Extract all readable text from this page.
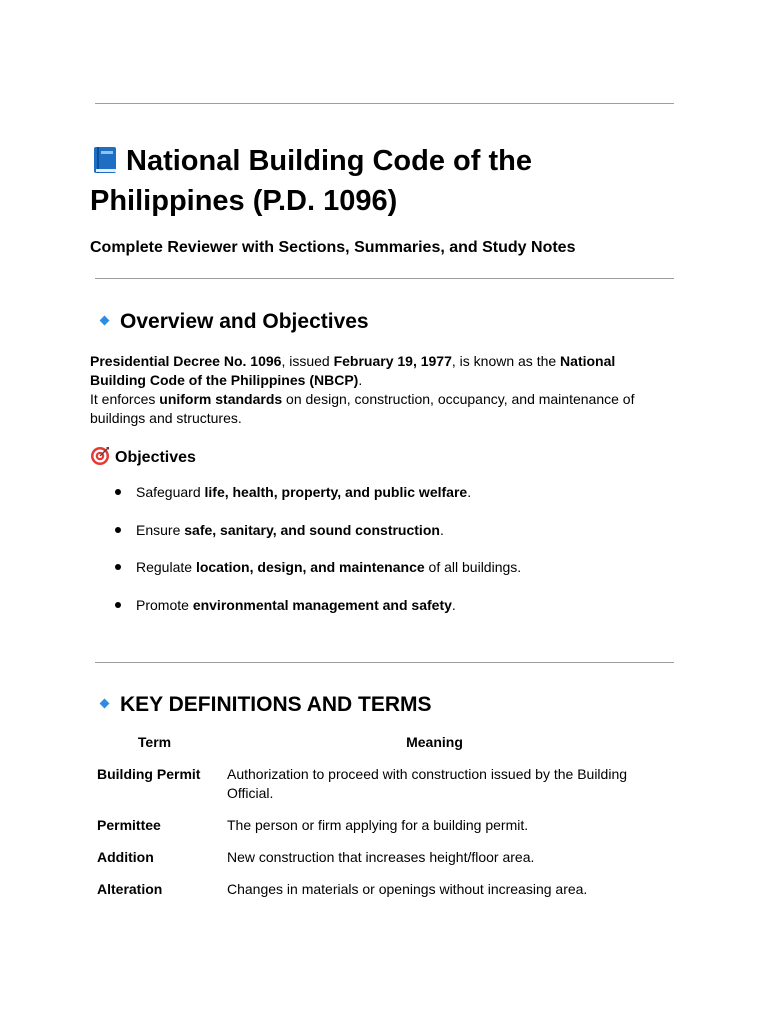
National Building Code of the Philippines (P.D. 1096)

Complete Reviewer with Sections, Summaries, and Study Notes

Overview and Objectives

Presidential Decree No. 1096, issued February 19, 1977, is known as the National Building Code of the Philippines (NBCP).
It enforces uniform standards on design, construction, occupancy, and maintenance of buildings and structures.

Objectives
Safeguard life, health, property, and public welfare.
Ensure safe, sanitary, and sound construction.
Regulate location, design, and maintenance of all buildings.
Promote environmental management and safety.
KEY DEFINITIONS AND TERMS
Term	Meaning
Building Permit	Authorization to proceed with construction issued by the Building Official.
Permittee	The person or firm applying for a building permit.
Addition	New construction that increases height/floor area.
Alteration	Changes in materials or openings without increasing area.
